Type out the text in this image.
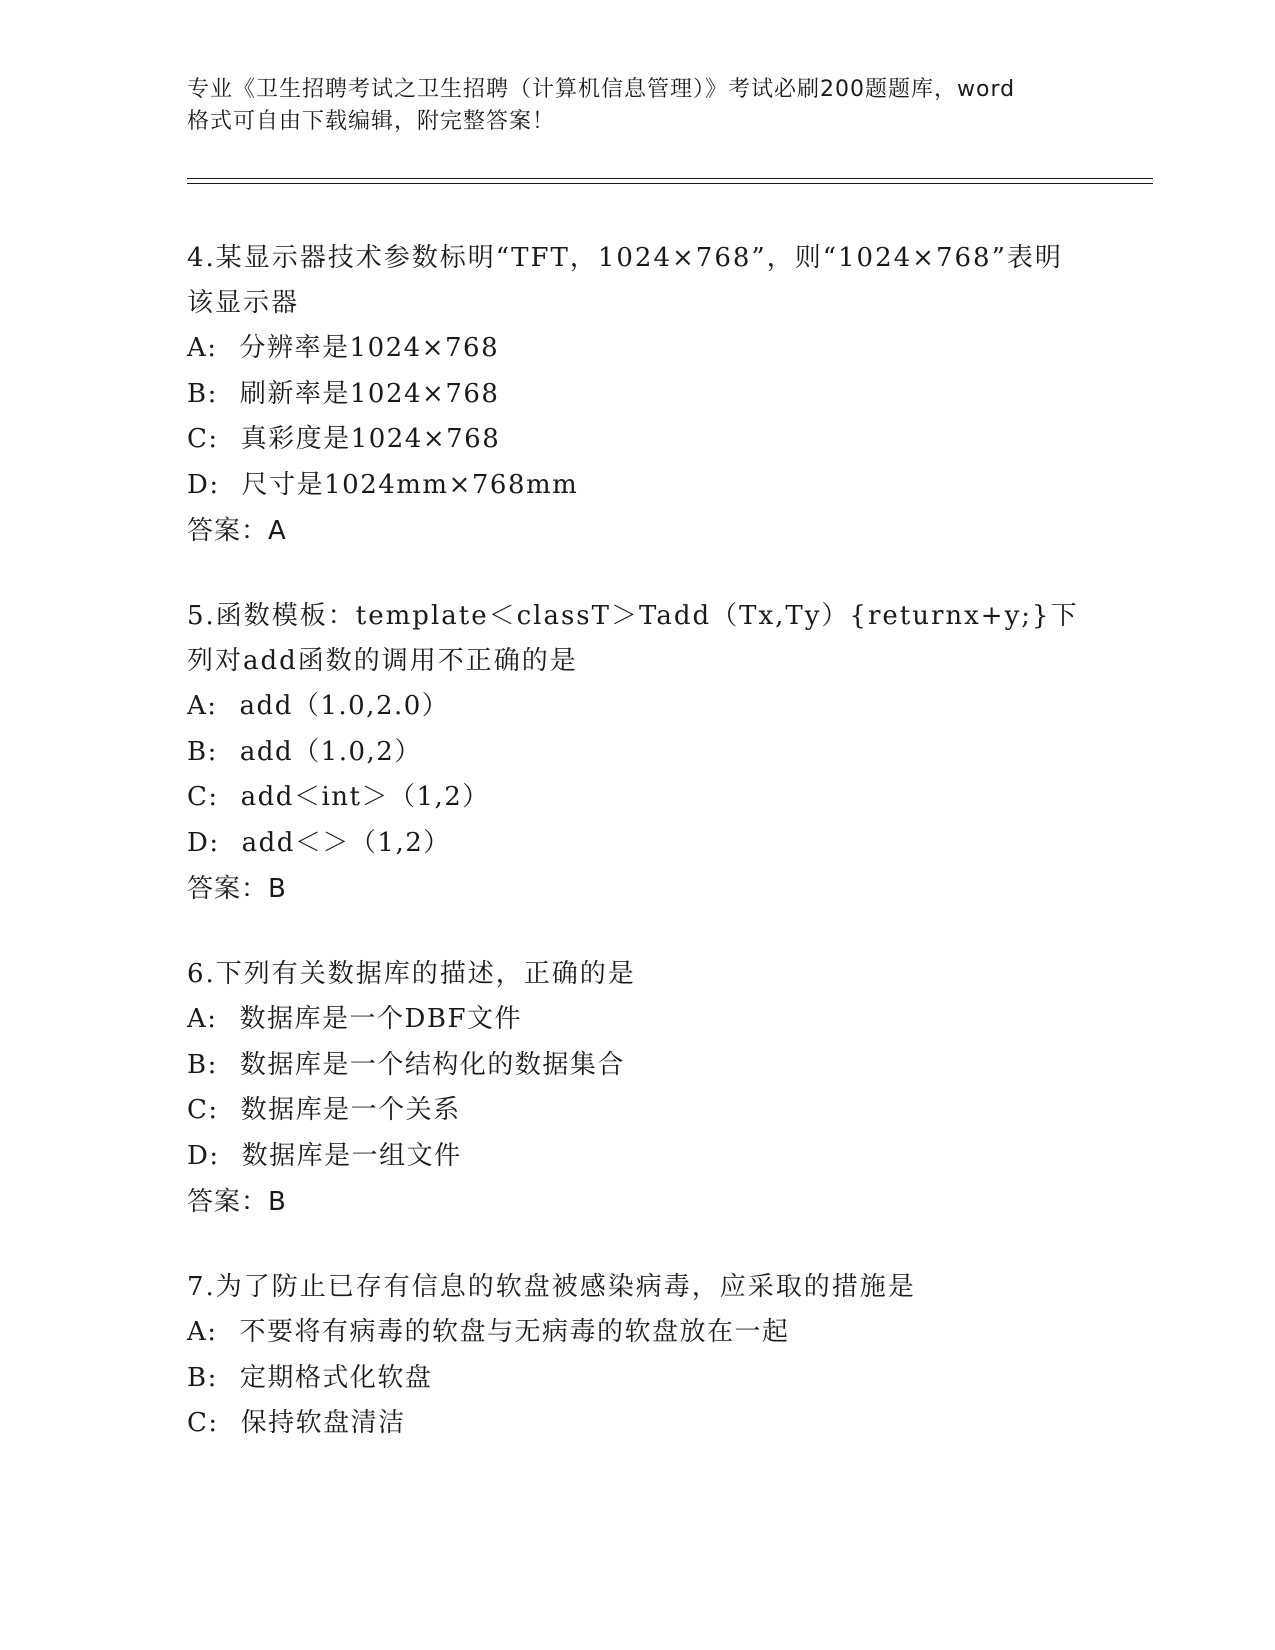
专业《卫生招聘考试之卫生招聘（计算机信息管理）》考试必刷200题题库，word
格式可自由下载编辑，附完整答案！
4.某显示器技术参数标明“TFT，1024×768”，则“1024×768”表明该显示器
A: 分辨率是1024×768
B: 刷新率是1024×768
C: 真彩度是1024×768
D: 尺寸是1024mm×768mm
答案：A
5.函数模板：template＜classT＞Tadd（Tx,Ty）{returnx+y;}下列对add函数的调用不正确的是
A: add（1.0,2.0）
B: add（1.0,2）
C: add＜int＞（1,2）
D: add＜＞（1,2）
答案：B
6.下列有关数据库的描述，正确的是
A: 数据库是一个DBF文件
B: 数据库是一个结构化的数据集合
C: 数据库是一个关系
D: 数据库是一组文件
答案：B
7.为了防止已存有信息的软盘被感染病毒，应采取的措施是
A: 不要将有病毒的软盘与无病毒的软盘放在一起
B: 定期格式化软盘
C: 保持软盘清洁
